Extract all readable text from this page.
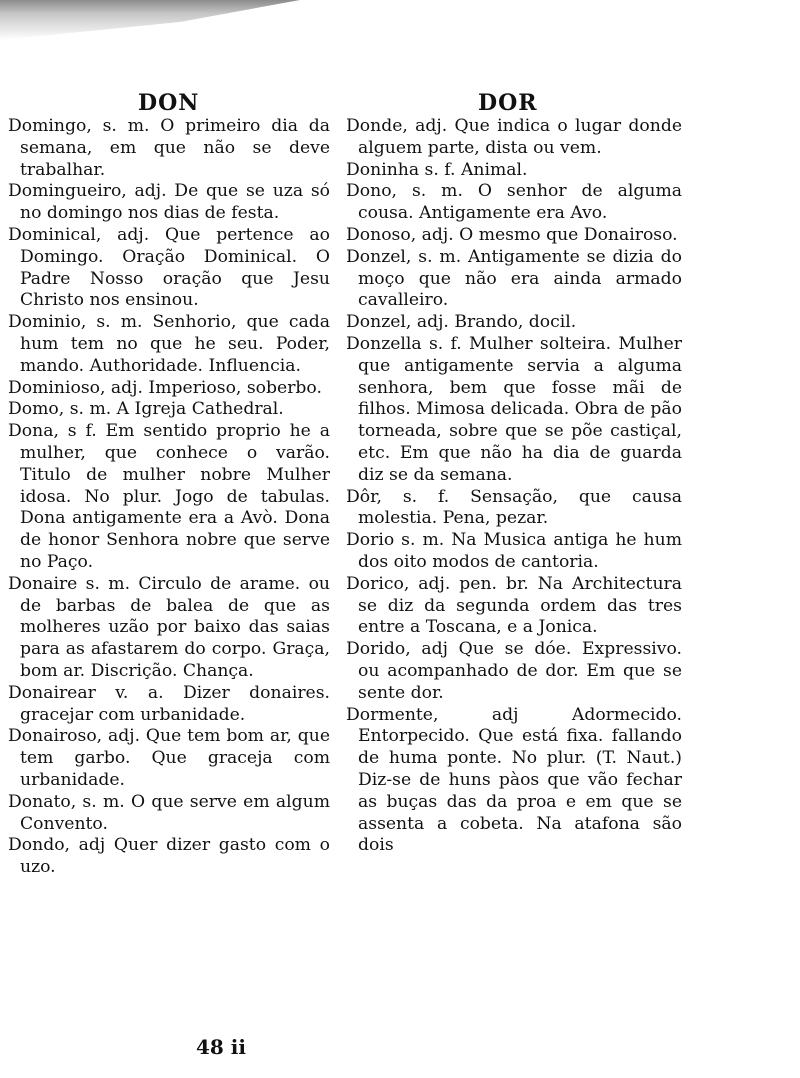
DON	DOR
Domingo, s. m. O primeiro dia da semana, em que não se deve trabalhar.
Domingueiro, adj. De que se uza só no domingo nos dias de festa.
Dominical, adj. Que pertence ao Domingo. Oração Dominical. O Padre Nosso oração que Jesu Christo nos ensinou.
Dominio, s. m. Senhorio, que cada hum tem no que he seu. Poder, mando. Authoridade. Influencia.
Dominioso, adj. Imperioso, soberbo.
Domo, s. m. A Igreja Cathedral.
Dona, s f. Em sentido proprio he a mulher, que conhece o varão. Titulo de mulher nobre Mulher idosa. No plur. Jogo de tabulas. Dona antigamente era a Avò. Dona de honor Senhora nobre que serve no Paço.
Donaire s. m. Circulo de arame. ou de barbas de balea de que as molheres uzão por baixo das saias para as afastarem do corpo. Graça, bom ar. Discrição. Chança.
Donairear v. a. Dizer donaires. gracejar com urbanidade.
Donairoso, adj. Que tem bom ar, que tem garbo. Que graceja com urbanidade.
Donato, s. m. O que serve em algum Convento.
Dondo, adj Quer dizer gasto com o uzo.
Donde, adj. Que indica o lugar donde alguem parte, dista ou vem.
Doninha s. f. Animal.
Dono, s. m. O senhor de alguma cousa. Antigamente era Avo.
Donoso, adj. O mesmo que Donairoso.
Donzel, s. m. Antigamente se dizia do moço que não era ainda armado cavalleiro.
Donzel, adj. Brando, docil.
Donzella s. f. Mulher solteira. Mulher que antigamente servia a alguma senhora, bem que fosse mãi de filhos. Mimosa delicada. Obra de pão torneada, sobre que se põe castiçal, etc. Em que não ha dia de guarda diz se da semana.
Dôr, s. f. Sensação, que causa molestia. Pena, pezar.
Dorio s. m. Na Musica antiga he hum dos oito modos de cantoria.
Dorico, adj. pen. br. Na Architectura se diz da segunda ordem das tres entre a Toscana, e a Jonica.
Dorido, adj Que se dóe. Expressivo. ou acompanhado de dor. Em que se sente dor.
Dormente, adj Adormecido. Entorpecido. Que está fixa. fallando de huma ponte. No plur. (T. Naut.) Diz-se de huns pàos que vão fechar as buças das da proa e em que se assenta a cobeta. Na atafona são dois
48 ii
